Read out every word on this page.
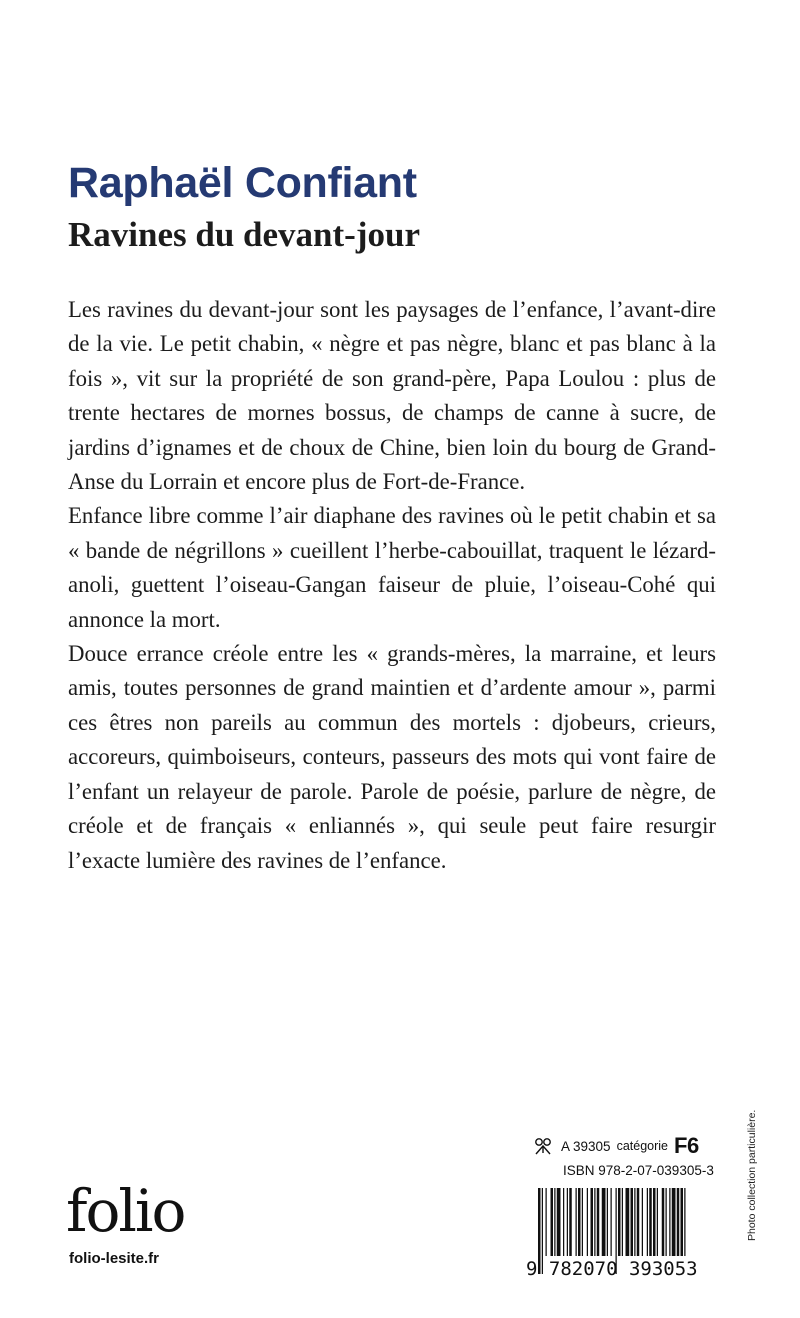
Raphaël Confiant
Ravines du devant-jour

Les ravines du devant-jour sont les paysages de l’enfance, l’avant-dire de la vie. Le petit chabin, « nègre et pas nègre, blanc et pas blanc à la fois », vit sur la propriété de son grand-père, Papa Loulou : plus de trente hectares de mornes bossus, de champs de canne à sucre, de jardins d’ignames et de choux de Chine, bien loin du bourg de Grand-Anse du Lorrain et encore plus de Fort-de-France.

Enfance libre comme l’air diaphane des ravines où le petit chabin et sa « bande de négrillons » cueillent l’herbe-cabouillat, traquent le lézard-anoli, guettent l’oiseau-Gangan faiseur de pluie, l’oiseau-Cohé qui annonce la mort.

Douce errance créole entre les « grands-mères, la marraine, et leurs amis, toutes personnes de grand maintien et d’ardente amour », parmi ces êtres non pareils au commun des mortels : djobeurs, crieurs, accoreurs, quimboiseurs, conteurs, passeurs des mots qui vont faire de l’enfant un relayeur de parole. Parole de poésie, parlure de nègre, de créole et de français « enliannés », qui seule peut faire resurgir l’exacte lumière des ravines de l’enfance.

Photo collection particulière.
A 39305 catégorie F6
ISBN 978-2-07-039305-3
9 782070 393053
folio
folio-lesite.fr
